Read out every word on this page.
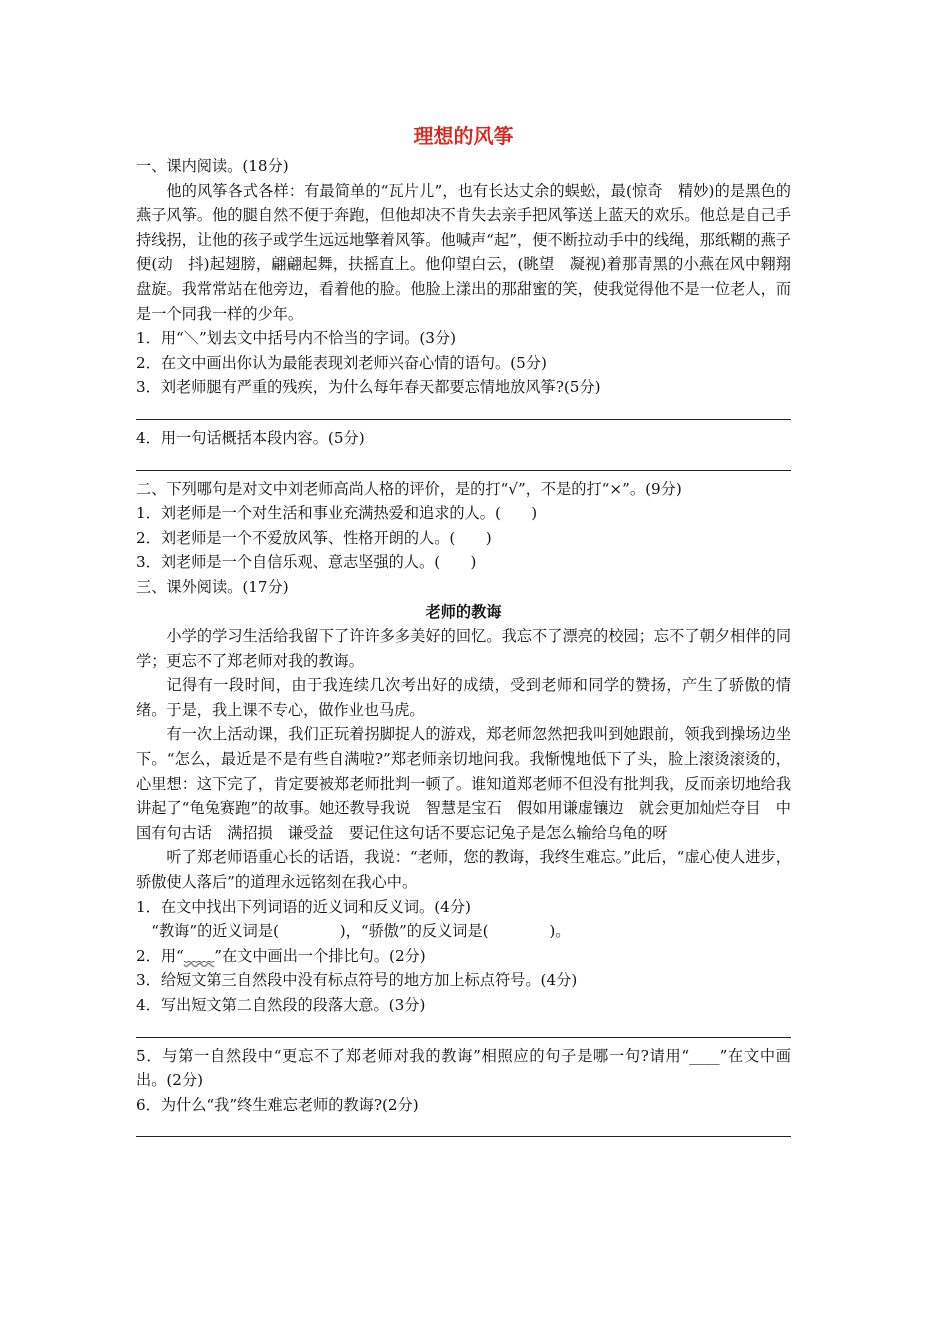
理想的风筝
一、课内阅读。(18分)

他的风筝各式各样：有最简单的“瓦片儿”，也有长达丈余的蜈蚣，最(惊奇　精妙)的是黑色的燕子风筝。他的腿自然不便于奔跑，但他却决不肯失去亲手把风筝送上蓝天的欢乐。他总是自己手持线拐，让他的孩子或学生远远地擎着风筝。他喊声“起”，便不断拉动手中的线绳，那纸糊的燕子便(动　抖)起翅膀，翩翩起舞，扶摇直上。他仰望白云，(眺望　凝视)着那青黑的小燕在风中翱翔盘旋。我常常站在他旁边，看着他的脸。他脸上漾出的那甜蜜的笑，使我觉得他不是一位老人，而是一个同我一样的少年。

1．用“＼”划去文中括号内不恰当的字词。(3分)
2．在文中画出你认为最能表现刘老师兴奋心情的语句。(5分)
3．刘老师腿有严重的残疾，为什么每年春天都要忘情地放风筝?(5分)
4．用一句话概括本段内容。(5分)
二、下列哪句是对文中刘老师高尚人格的评价，是的打“√”，不是的打“×”。(9分)
1．刘老师是一个对生活和事业充满热爱和追求的人。(　　)
2．刘老师是一个不爱放风筝、性格开朗的人。(　　)
3．刘老师是一个自信乐观、意志坚强的人。(　　)
三、课外阅读。(17分)
老师的教诲

小学的学习生活给我留下了许许多多美好的回忆。我忘不了漂亮的校园；忘不了朝夕相伴的同学；更忘不了郑老师对我的教诲。

记得有一段时间，由于我连续几次考出好的成绩，受到老师和同学的赞扬，产生了骄傲的情绪。于是，我上课不专心，做作业也马虎。

有一次上活动课，我们正玩着拐脚捉人的游戏，郑老师忽然把我叫到她跟前，领我到操场边坐下。“怎么，最近是不是有些自满啦?”郑老师亲切地问我。我惭愧地低下了头，脸上滚烫滚烫的，心里想：这下完了，肯定要被郑老师批判一顿了。谁知道郑老师不但没有批判我，反而亲切地给我讲起了“龟兔赛跑”的故事。她还教导我说　智慧是宝石　假如用谦虚镶边　就会更加灿烂夺目　中国有句古话　满招损　谦受益　要记住这句话不要忘记兔子是怎么输给乌龟的呀

听了郑老师语重心长的话语，我说：“老师，您的教诲，我终生难忘。”此后，“虚心使人进步，骄傲使人落后”的道理永远铭刻在我心中。

1．在文中找出下列词语的近义词和反义词。(4分)
“教诲”的近义词是(　　　　)，“骄傲”的反义词是(　　　　)。
2．用“﹏﹏”在文中画出一个排比句。(2分)
3．给短文第三自然段中没有标点符号的地方加上标点符号。(4分)
4．写出短文第二自然段的段落大意。(3分)

5．与第一自然段中“更忘不了郑老师对我的教诲”相照应的句子是哪一句?请用“____”在文中画出。(2分)

6．为什么“我”终生难忘老师的教诲?(2分)
